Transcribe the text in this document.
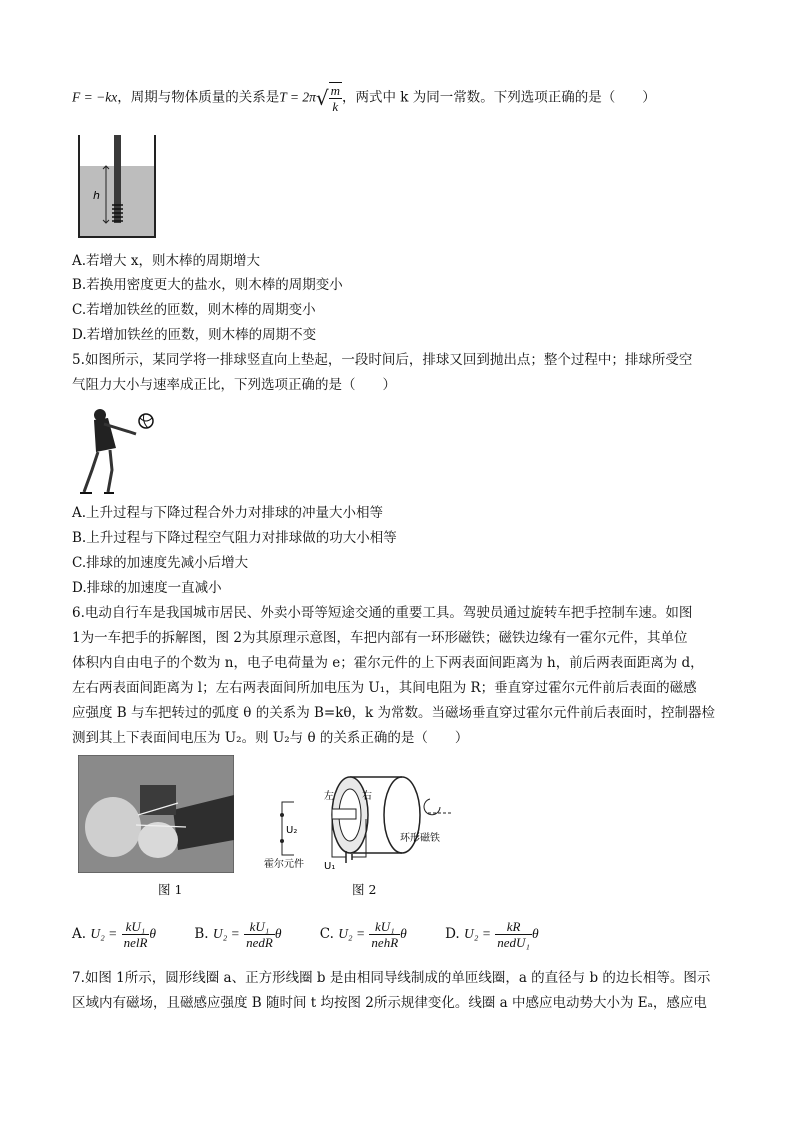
F = −kx，周期与物体质量的关系是$T = 2\pi√ \frac{m}{k}$ ，两式中 k 为同一常数。下列选项正确的是（　　）
h
A.若增大 x，则木棒的周期增大
B.若换用密度更大的盐水，则木棒的周期变小
C.若增加铁丝的匝数，则木棒的周期变小
D.若增加铁丝的匝数，则木棒的周期不变
5.如图所示，某同学将一排球竖直向上垫起，一段时间后，排球又回到抛出点；整个过程中；排球所受空
气阻力大小与速率成正比，下列选项正确的是（　　）
A.上升过程与下降过程合外力对排球的冲量大小相等
B.上升过程与下降过程空气阻力对排球做的功大小相等
C.排球的加速度先减小后增大
D.排球的加速度一直减小
6.电动自行车是我国城市居民、外卖小哥等短途交通的重要工具。驾驶员通过旋转车把手控制车速。如图
1为一车把手的拆解图，图 2为其原理示意图，车把内部有一环形磁铁；磁铁边缘有一霍尔元件，其单位
体积内自由电子的个数为 n，电子电荷量为 e；霍尔元件的上下两表面间距离为 h，前后两表面距离为 d，
左右两表面间距离为 l；左右两表面间所加电压为 U₁，其间电阻为 R；垂直穿过霍尔元件前后表面的磁感
应强度 B 与车把转过的弧度 θ 的关系为 B=kθ，k 为常数。当磁场垂直穿过霍尔元件前后表面时，控制器检
测到其上下表面间电压为 U₂。则 U₂与 θ 的关系正确的是（　　）
图 1
U₂
左	右
环形磁铁
霍尔元件 U₁
图 2
A. $U_2 = \frac{\text{kU₁}}{\text{nelR}}$ θ	B. $U_2 = \frac{\text{kU₁}}{\text{nedR}}$ θ	C. $U_2 = \frac{\text{kU₁}}{\text{nehR}}$ θ	D. $U_2 = \frac{kR}{\text{nedU₁}}$ θ
7.如图 1所示，圆形线圈 a、正方形线圈 b 是由相同导线制成的单匝线圈，a 的直径与 b 的边长相等。图示
区域内有磁场，且磁感应强度 B 随时间 t 均按图 2所示规律变化。线圈 a 中感应电动势大小为 Eₐ，感应电
